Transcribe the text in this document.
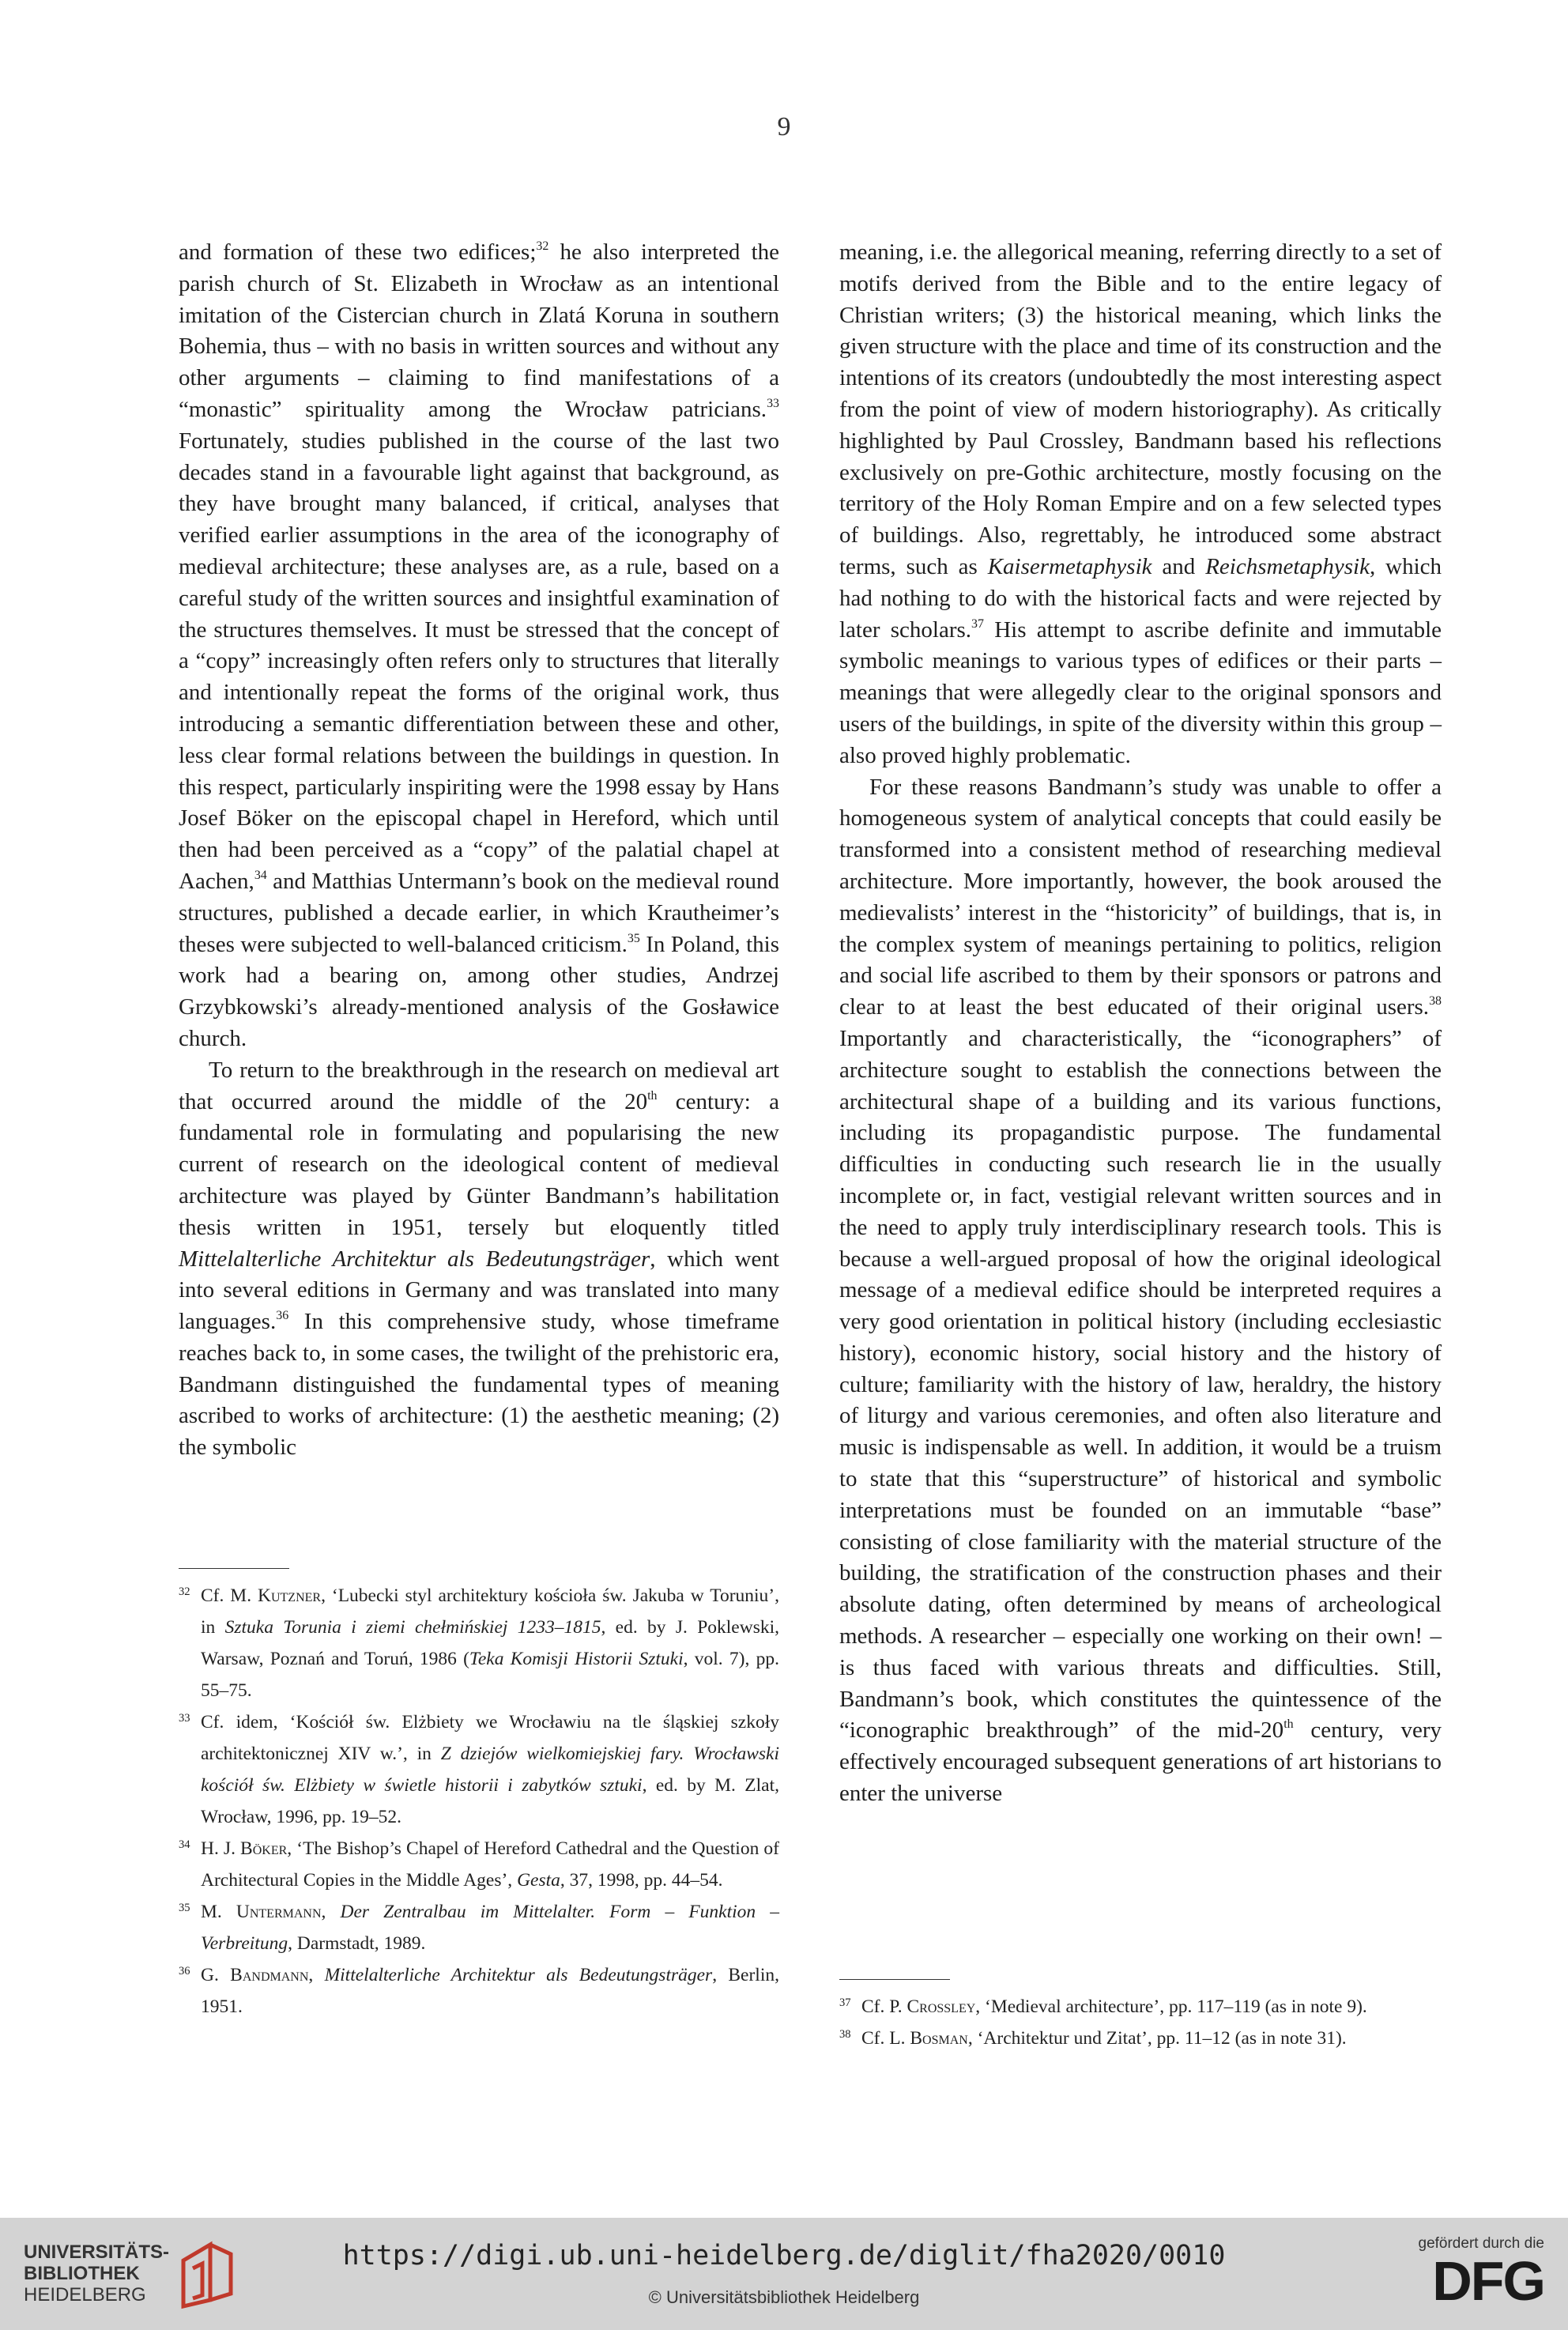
9

and formation of these two edifices;$^{32}$ he also interpreted the parish church of St. Elizabeth in Wrocław as an intentional imitation of the Cistercian church in Zlatá Koruna in southern Bohemia, thus – with no basis in written sources and without any other arguments – claiming to find manifestations of a “monastic” spirituality among the Wrocław patricians.$^{33}$ Fortunately, studies published in the course of the last two decades stand in a favourable light against that background, as they have brought many balanced, if critical, analyses that verified earlier assumptions in the area of the iconography of medieval architecture; these analyses are, as a rule, based on a careful study of the written sources and insightful examination of the structures themselves. It must be stressed that the concept of a “copy” increasingly often refers only to structures that literally and intentionally repeat the forms of the original work, thus introducing a semantic differentiation between these and other, less clear formal relations between the buildings in question. In this respect, particularly inspiriting were the 1998 essay by Hans Josef Böker on the episcopal chapel in Hereford, which until then had been perceived as a “copy” of the palatial chapel at Aachen,$^{34}$ and Matthias Untermann’s book on the medieval round structures, published a decade earlier, in which Krautheimer’s theses were subjected to well-balanced criticism.$^{35}$ In Poland, this work had a bearing on, among other studies, Andrzej Grzybkowski’s already-mentioned analysis of the Gosławice church.

To return to the breakthrough in the research on medieval art that occurred around the middle of the 20th century: a fundamental role in formulating and popularising the new current of research on the ideological content of medieval architecture was played by Günter Bandmann’s habilitation thesis written in 1951, tersely but eloquently titled Mittelalterliche Architektur als Bedeutungsträger, which went into several editions in Germany and was translated into many languages.$^{36}$ In this comprehensive study, whose timeframe reaches back to, in some cases, the twilight of the prehistoric era, Bandmann distinguished the fundamental types of meaning ascribed to works of architecture: (1) the aesthetic meaning; (2) the symbolic

meaning, i.e. the allegorical meaning, referring directly to a set of motifs derived from the Bible and to the entire legacy of Christian writers; (3) the historical meaning, which links the given structure with the place and time of its construction and the intentions of its creators (undoubtedly the most interesting aspect from the point of view of modern historiography). As critically highlighted by Paul Crossley, Bandmann based his reflections exclusively on pre-Gothic architecture, mostly focusing on the territory of the Holy Roman Empire and on a few selected types of buildings. Also, regrettably, he introduced some abstract terms, such as Kaisermetaphysik and Reichsmetaphysik, which had nothing to do with the historical facts and were rejected by later scholars.$^{37}$ His attempt to ascribe definite and immutable symbolic meanings to various types of edifices or their parts – meanings that were allegedly clear to the original sponsors and users of the buildings, in spite of the diversity within this group – also proved highly problematic.

For these reasons Bandmann’s study was unable to offer a homogeneous system of analytical concepts that could easily be transformed into a consistent method of researching medieval architecture. More importantly, however, the book aroused the medievalists’ interest in the “historicity” of buildings, that is, in the complex system of meanings pertaining to politics, religion and social life ascribed to them by their sponsors or patrons and clear to at least the best educated of their original users.$^{38}$ Importantly and characteristically, the “iconographers” of architecture sought to establish the connections between the architectural shape of a building and its various functions, including its propagandistic purpose. The fundamental difficulties in conducting such research lie in the usually incomplete or, in fact, vestigial relevant written sources and in the need to apply truly interdisciplinary research tools. This is because a well-argued proposal of how the original ideological message of a medieval edifice should be interpreted requires a very good orientation in political history (including ecclesiastic history), economic history, social history and the history of culture; familiarity with the history of law, heraldry, the history of liturgy and various ceremonies, and often also literature and music is indispensable as well. In addition, it would be a truism to state that this “superstructure” of historical and symbolic interpretations must be founded on an immutable “base” consisting of close familiarity with the material structure of the building, the stratification of the construction phases and their absolute dating, often determined by means of archeological methods. A researcher – especially one working on their own! – is thus faced with various threats and difficulties. Still, Bandmann’s book, which constitutes the quintessence of the “iconographic breakthrough” of the mid-20th century, very effectively encouraged subsequent generations of art historians to enter the universe

32 Cf. M. Kutzner, ‘Lubecki styl architektury kościoła św. Jakuba w Toruniu’, in Sztuka Torunia i ziemi chełmińskiej 1233–1815, ed. by J. Poklewski, Warsaw, Poznań and Toruń, 1986 (Teka Komisji Historii Sztuki, vol. 7), pp. 55–75.
33 Cf. idem, ‘Kościół św. Elżbiety we Wrocławiu na tle śląskiej szkoły architektonicznej XIV w.’, in Z dziejów wielkomiejskiej fary. Wrocławski kościół św. Elżbiety w świetle historii i zabytków sztuki, ed. by M. Zlat, Wrocław, 1996, pp. 19–52.
34 H. J. Böker, ‘The Bishop’s Chapel of Hereford Cathedral and the Question of Architectural Copies in the Middle Ages’, Gesta, 37, 1998, pp. 44–54.
35 M. Untermann, Der Zentralbau im Mittelalter. Form – Funktion – Verbreitung, Darmstadt, 1989.
36 G. Bandmann, Mittelalterliche Architektur als Bedeutungsträger, Berlin, 1951.	37 Cf. P. Crossley, ‘Medieval architecture’, pp. 117–119 (as in note 9).
38 Cf. L. Bosman, ‘Architektur und Zitat’, pp. 11–12 (as in note 31).
UNIVERSITÄTS-
BIBLIOTHEK
HEIDELBERG
https://digi.ub.uni-heidelberg.de/diglit/fha2020/0010
© Universitätsbibliothek Heidelberg
gefördert durch die
DFG
